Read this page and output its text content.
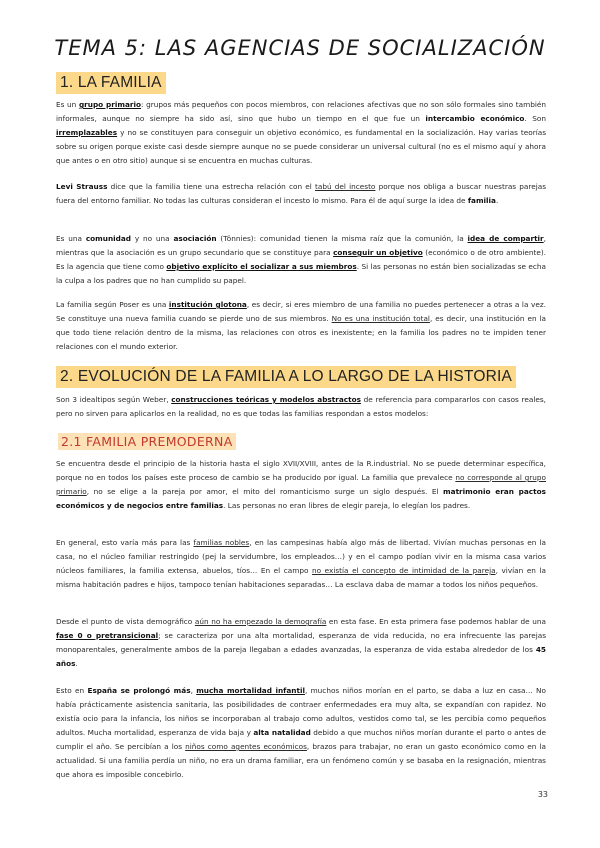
TEMA 5: LAS AGENCIAS DE SOCIALIZACIÓN
1. LA FAMILIA
Es un grupo primario: grupos más pequeños con pocos miembros, con relaciones afectivas que no son sólo formales sino también informales, aunque no siempre ha sido así, sino que hubo un tiempo en el que fue un intercambio económico. Son irremplazables y no se constituyen para conseguir un objetivo económico, es fundamental en la socialización. Hay varias teorías sobre su origen porque existe casi desde siempre aunque no se puede considerar un universal cultural (no es el mismo aquí y ahora que antes o en otro sitio) aunque si se encuentra en muchas culturas.
Levi Strauss dice que la familia tiene una estrecha relación con el tabú del incesto porque nos obliga a buscar nuestras parejas fuera del entorno familiar. No todas las culturas consideran el incesto lo mismo. Para él de aquí surge la idea de familia.
Es una comunidad y no una asociación (Tönnies): comunidad tienen la misma raíz que la comunión, la idea de compartir, mientras que la asociación es un grupo secundario que se constituye para conseguir un objetivo (económico o de otro ambiente). Es la agencia que tiene como objetivo explícito el socializar a sus miembros. Si las personas no están bien socializadas se echa la culpa a los padres que no han cumplido su papel.
La familia según Poser es una institución glotona, es decir, si eres miembro de una familia no puedes pertenecer a otras a la vez. Se constituye una nueva familia cuando se pierde uno de sus miembros. No es una institución total, es decir, una institución en la que todo tiene relación dentro de la misma, las relaciones con otros es inexistente; en la familia los padres no te impiden tener relaciones con el mundo exterior.
2. EVOLUCIÓN DE LA FAMILIA A LO LARGO DE LA HISTORIA
Son 3 idealtipos según Weber, construcciones teóricas y modelos abstractos de referencia para compararlos con casos reales, pero no sirven para aplicarlos en la realidad, no es que todas las familias respondan a estos modelos:
2.1 FAMILIA PREMODERNA
Se encuentra desde el principio de la historia hasta el siglo XVII/XVIII, antes de la R.industrial. No se puede determinar específica, porque no en todos los países este proceso de cambio se ha producido por igual. La familia que prevalece no corresponde al grupo primario, no se elige a la pareja por amor, el mito del romanticismo surge un siglo después. El matrimonio eran pactos económicos y de negocios entre familias. Las personas no eran libres de elegir pareja, lo elegían los padres.
En general, esto varía más para las familias nobles, en las campesinas había algo más de libertad. Vivían muchas personas en la casa, no el núcleo familiar restringido (pej la servidumbre, los empleados…) y en el campo podían vivir en la misma casa varios núcleos familiares, la familia extensa, abuelos, tíos… En el campo no existía el concepto de intimidad de la pareja, vivían en la misma habitación padres e hijos, tampoco tenían habitaciones separadas… La esclava daba de mamar a todos los niños pequeños.
Desde el punto de vista demográfico aún no ha empezado la demografía en esta fase. En esta primera fase podemos hablar de una fase 0 o pretransicional; se caracteriza por una alta mortalidad, esperanza de vida reducida, no era infrecuente las parejas monoparentales, generalmente ambos de la pareja llegaban a edades avanzadas, la esperanza de vida estaba alrededor de los 45 años.
Esto en España se prolongó más, mucha mortalidad infantil, muchos niños morían en el parto, se daba a luz en casa… No había prácticamente asistencia sanitaria, las posibilidades de contraer enfermedades era muy alta, se expandían con rapidez. No existía ocio para la infancia, los niños se incorporaban al trabajo como adultos, vestidos como tal, se les percibía como pequeños adultos. Mucha mortalidad, esperanza de vida baja y alta natalidad debido a que muchos niños morían durante el parto o antes de cumplir el año. Se percibían a los niños como agentes económicos, brazos para trabajar, no eran un gasto económico como en la actualidad. Si una familia perdía un niño, no era un drama familiar, era un fenómeno común y se basaba en la resignación, mientras que ahora es imposible concebirlo.
33
